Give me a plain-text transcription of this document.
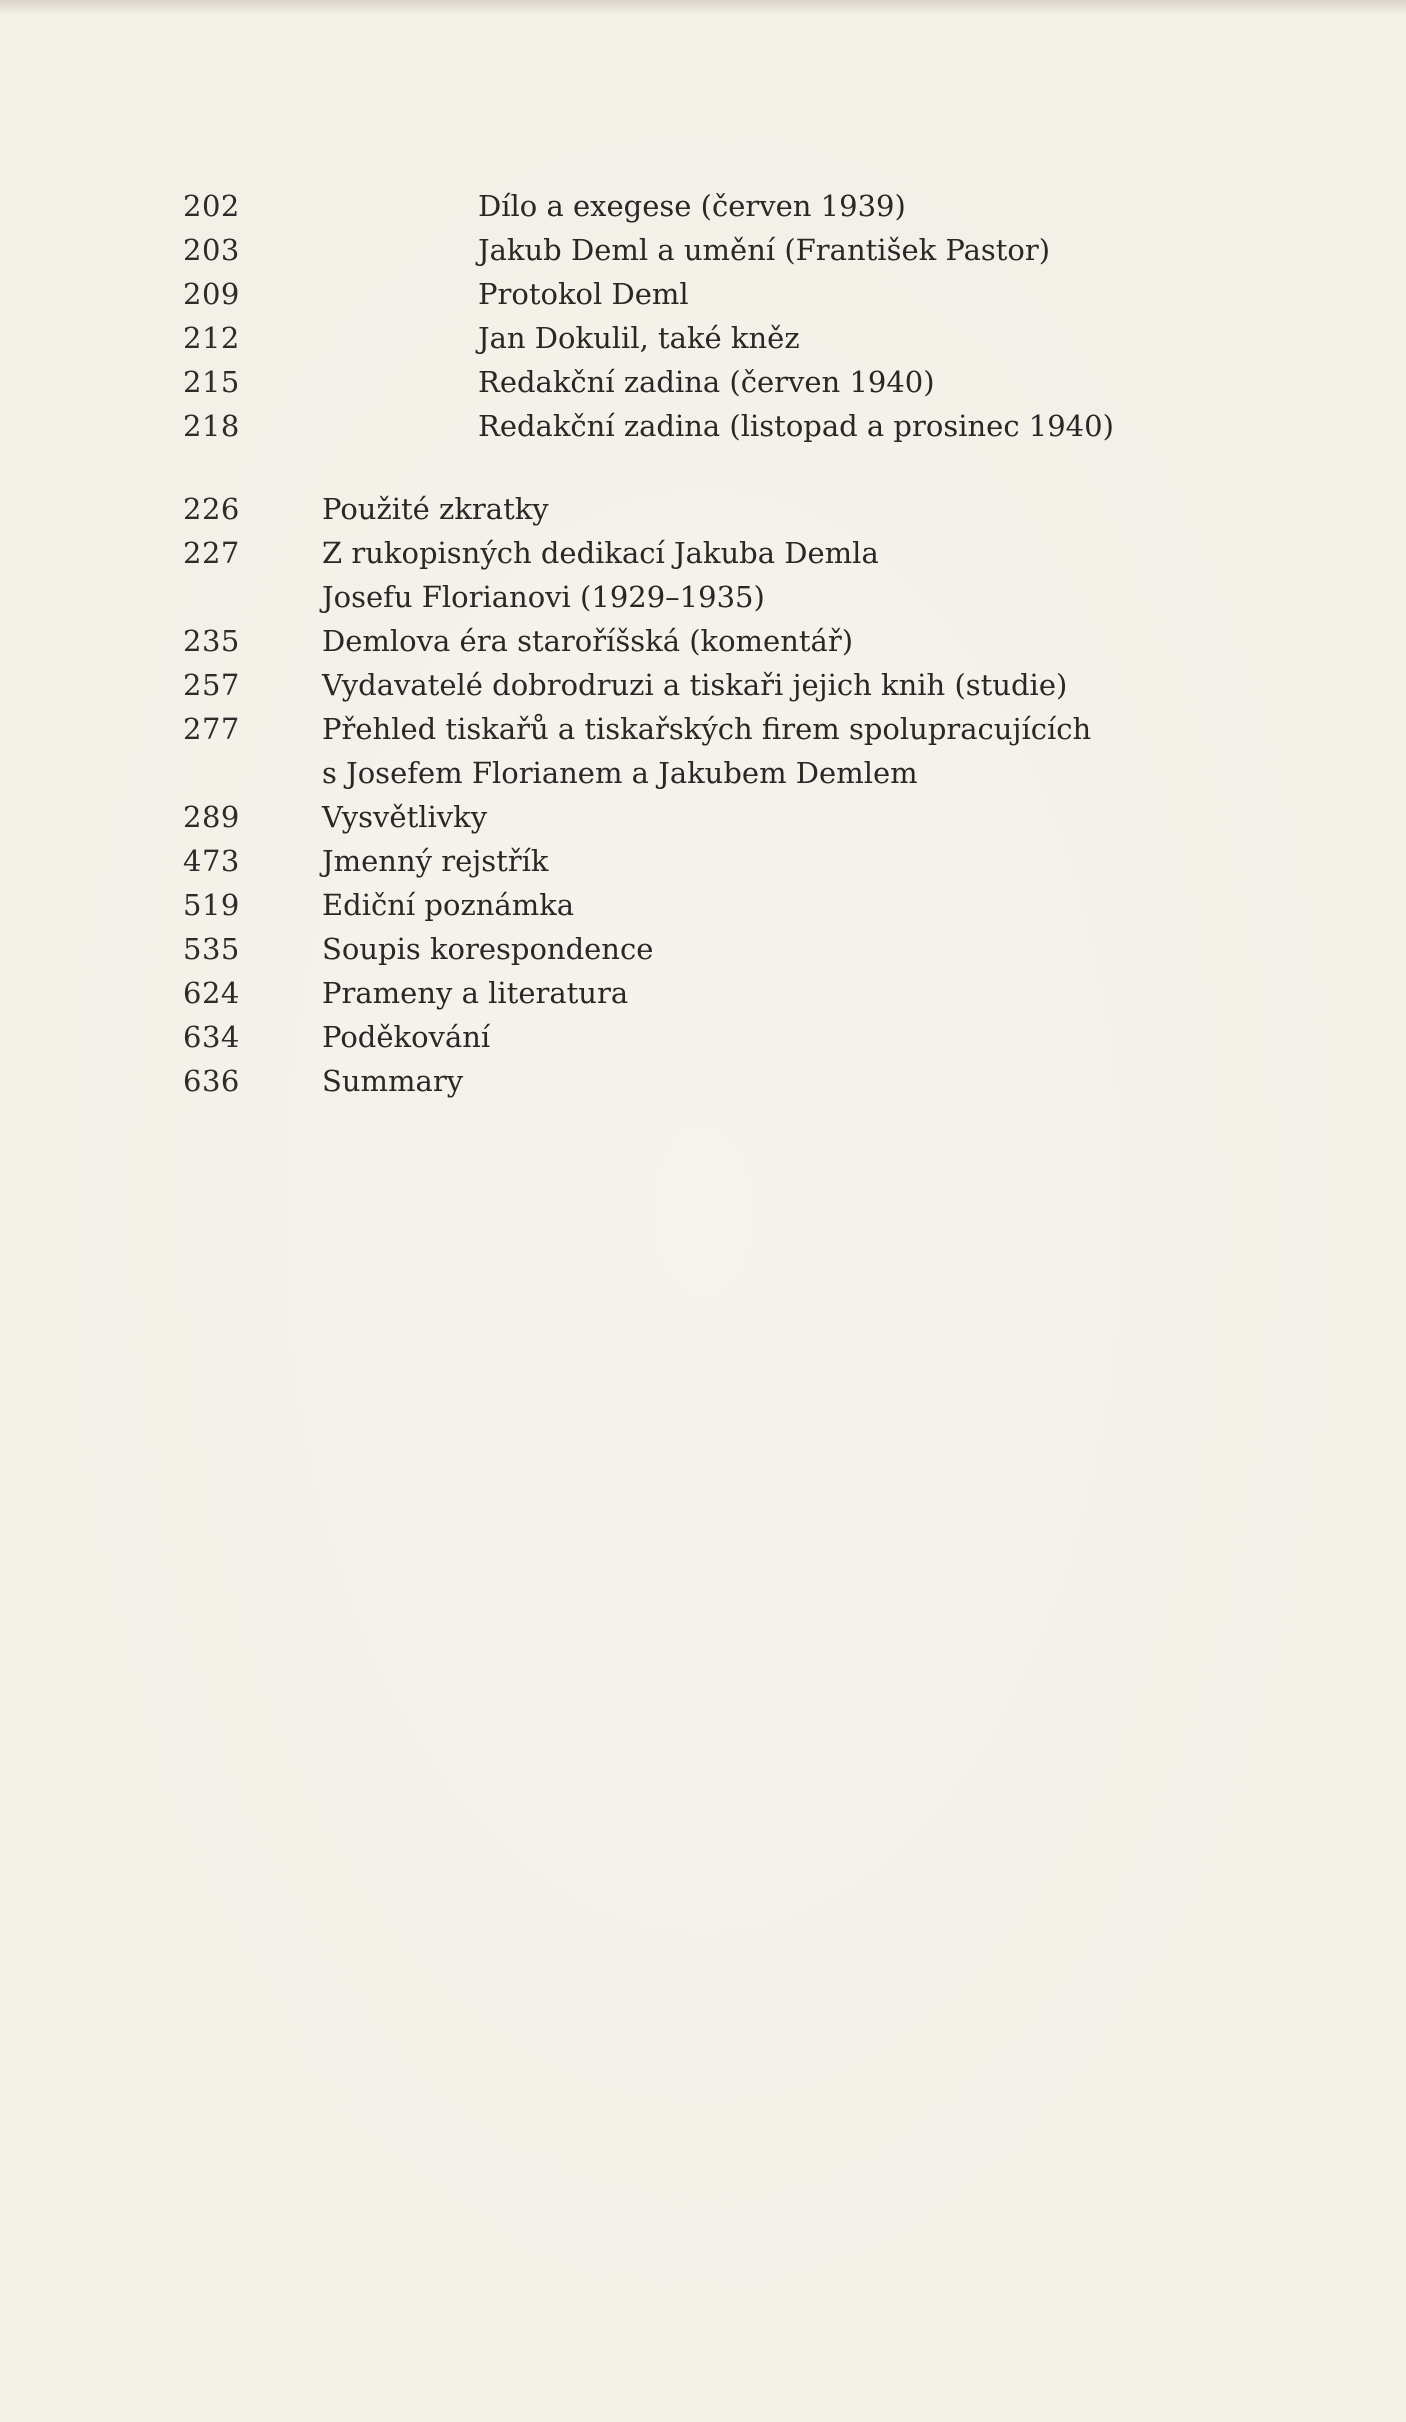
202	Dílo a exegese (červen 1939)
203	Jakub Deml a umění (František Pastor)
209	Protokol Deml
212	Jan Dokulil, také kněz
215	Redakční zadina (červen 1940)
218	Redakční zadina (listopad a prosinec 1940)
226	Použité zkratky
227	Z rukopisných dedikací Jakuba Demla
Josefu Florianovi (1929–1935)
235	Demlova éra staroříšská (komentář)
257	Vydavatelé dobrodruzi a tiskaři jejich knih (studie)
277	Přehled tiskařů a tiskařských firem spolupracujících
s Josefem Florianem a Jakubem Demlem
289	Vysvětlivky
473	Jmenný rejstřík
519	Ediční poznámka
535	Soupis korespondence
624	Prameny a literatura
634	Poděkování
636	Summary
